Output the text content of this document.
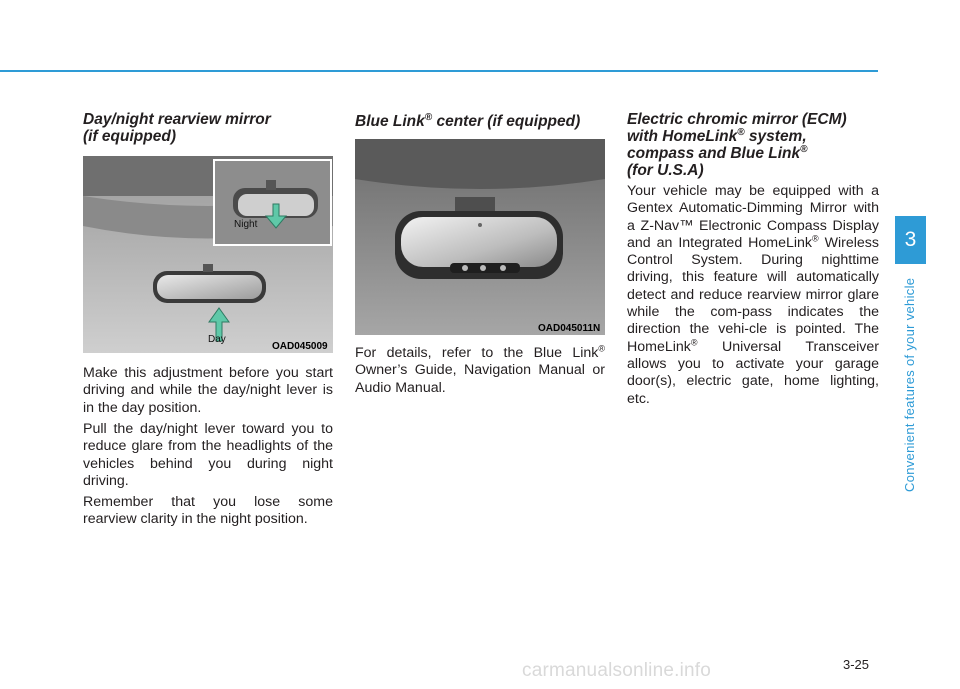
Day/night rearview mirror
(if equipped)
Night
Day
OAD045009

Make this adjustment before you start driving and while the day/night lever is in the day position.

Pull the day/night lever toward you to reduce glare from the headlights of the vehicles behind you during night driving.

Remember that you lose some rearview clarity in the night position.

Blue Link® center (if equipped)
OAD045011N

For details, refer to the Blue Link® Owner’s Guide, Navigation Manual or Audio Manual.

Electric chromic mirror (ECM)
with HomeLink® system,
compass and Blue Link®
(for U.S.A)

Your vehicle may be equipped with a Gentex Automatic-Dimming Mirror with a Z-Nav™ Electronic Compass Display and an Integrated HomeLink® Wireless Control System. During nighttime driving, this feature will automatically detect and reduce rearview mirror glare while the com-pass indicates the direction the vehi-cle is pointed. The HomeLink® Universal Transceiver allows you to activate your garage door(s), electric gate, home lighting, etc.

3
Convenient features of your vehicle
3-25
carmanualsonline.info
